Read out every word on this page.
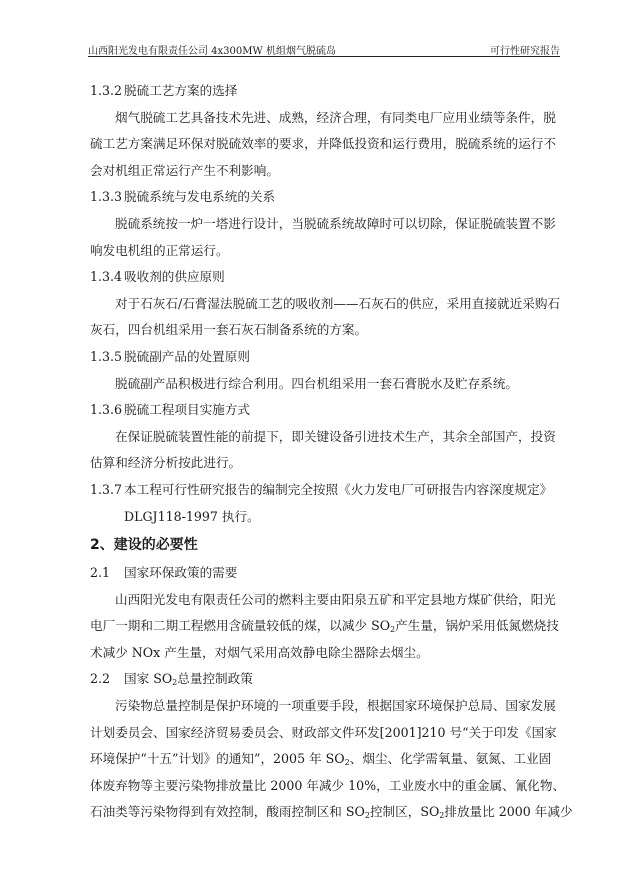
山西阳光发电有限责任公司 4x300MW 机组烟气脱硫岛	可行性研究报告
1.3.2 脱硫工艺方案的选择
烟气脱硫工艺具备技术先进、成熟，经济合理，有同类电厂应用业绩等条件，脱
硫工艺方案满足环保对脱硫效率的要求，并降低投资和运行费用，脱硫系统的运行不
会对机组正常运行产生不利影响。
1.3.3 脱硫系统与发电系统的关系
脱硫系统按一炉一塔进行设计，当脱硫系统故障时可以切除，保证脱硫装置不影
响发电机组的正常运行。
1.3.4 吸收剂的供应原则
对于石灰石/石膏湿法脱硫工艺的吸收剂——石灰石的供应，采用直接就近采购石
灰石，四台机组采用一套石灰石制备系统的方案。
1.3.5 脱硫副产品的处置原则
脱硫副产品积极进行综合利用。四台机组采用一套石膏脱水及贮存系统。
1.3.6 脱硫工程项目实施方式
在保证脱硫装置性能的前提下，即关键设备引进技术生产，其余全部国产，投资
估算和经济分析按此进行。
1.3.7 本工程可行性研究报告的编制完全按照《火力发电厂可研报告内容深度规定》
DLGJ118-1997 执行。
2、建设的必要性
2.1	国家环保政策的需要
山西阳光发电有限责任公司的燃料主要由阳泉五矿和平定县地方煤矿供给，阳光
电厂一期和二期工程燃用含硫量较低的煤，以减少 $SO_2$产生量，锅炉采用低氮燃烧技
术减少 NOx 产生量，对烟气采用高效静电除尘器除去烟尘。
2.2	国家 $SO_2$总量控制政策
污染物总量控制是保护环境的一项重要手段，根据国家环境保护总局、国家发展
计划委员会、国家经济贸易委员会、财政部文件环发[2001]210 号“关于印发《国家
环境保护“十五”计划》的通知”，2005 年 $SO_2$、烟尘、化学需氧量、氨氮、工业固
体废弃物等主要污染物排放量比 2000 年减少 10%，工业废水中的重金属、氰化物、
石油类等污染物得到有效控制，酸雨控制区和 $SO_2$控制区，$SO_2$排放量比 2000 年减少
